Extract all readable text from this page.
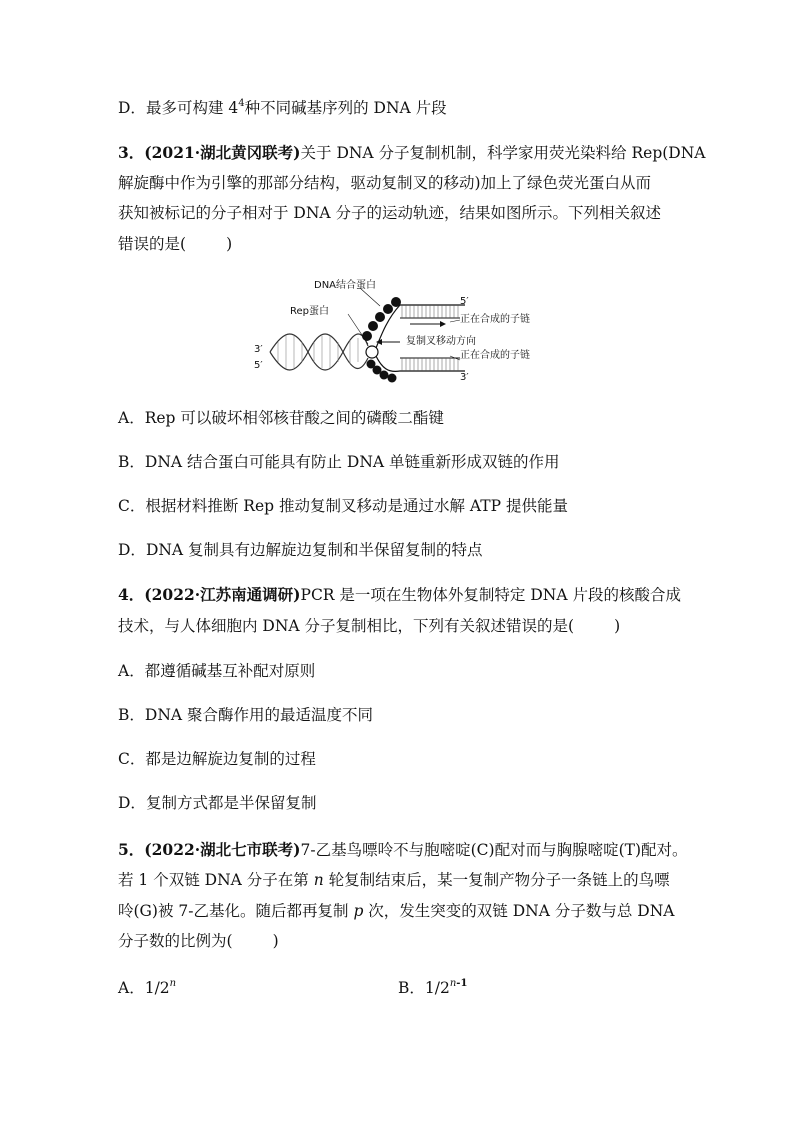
D．最多可构建 $4^4$种不同碱基序列的 DNA 片段
3．(2021·湖北黄冈联考)关于 DNA 分子复制机制，科学家用荧光染料给 Rep(DNA
解旋酶中作为引擎的那部分结构，驱动复制叉的移动)加上了绿色荧光蛋白从而
获知被标记的分子相对于 DNA 分子的运动轨迹，结果如图所示。下列相关叙述
错误的是(	)
DNA结合蛋白
Rep蛋白
5′
正在合成的子链
复制叉移动方向
正在合成的子链
3′
3′
5′
A．Rep 可以破坏相邻核苷酸之间的磷酸二酯键
B．DNA 结合蛋白可能具有防止 DNA 单链重新形成双链的作用
C．根据材料推断 Rep 推动复制叉移动是通过水解 ATP 提供能量
D．DNA 复制具有边解旋边复制和半保留复制的特点
4．(2022·江苏南通调研)PCR 是一项在生物体外复制特定 DNA 片段的核酸合成
技术，与人体细胞内 DNA 分子复制相比，下列有关叙述错误的是(	)
A．都遵循碱基互补配对原则
B．DNA 聚合酶作用的最适温度不同
C．都是边解旋边复制的过程
D．复制方式都是半保留复制
5．(2022·湖北七市联考)7-乙基鸟嘌呤不与胞嘧啶(C)配对而与胸腺嘧啶(T)配对。
若 1 个双链 DNA 分子在第 n 轮复制结束后，某一复制产物分子一条链上的鸟嘌
呤(G)被 7-乙基化。随后都再复制 p 次，发生突变的双链 DNA 分子数与总 DNA
分子数的比例为(	)
A．1/2$^n$	B．1/2$^{n-1}$
